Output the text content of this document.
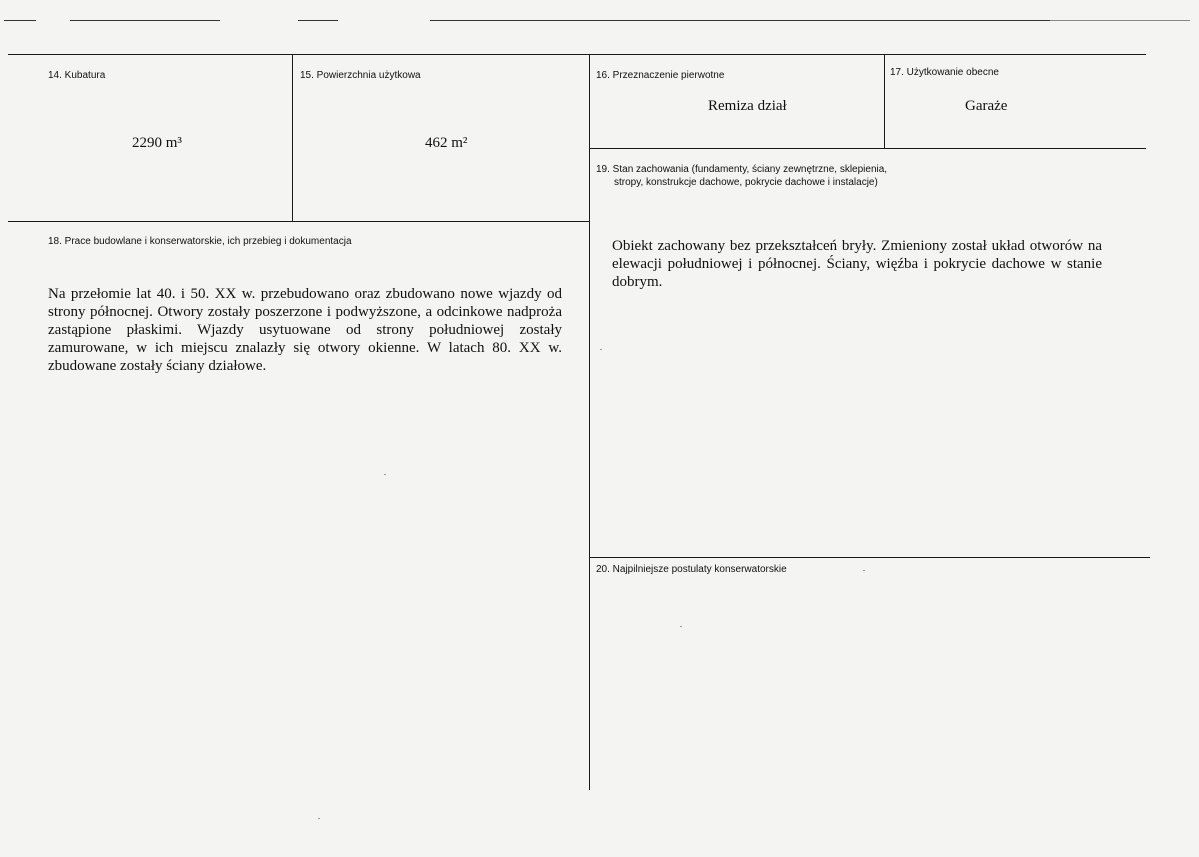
14. Kubatura
2290 m³
15. Powierzchnia użytkowa
462 m²
16. Przeznaczenie pierwotne
Remiza dział
17. Użytkowanie obecne
Garaże
18. Prace budowlane i konserwatorskie, ich przebieg i dokumentacja
Na przełomie lat 40. i 50. XX w. przebudowano oraz zbudowano nowe wjazdy od strony północnej. Otwory zostały poszerzone i podwyższone, a odcinkowe nadproża zastąpione płaskimi. Wjazdy usytuowane od strony południowej zostały zamurowane, w ich miejscu znalazły się otwory okienne. W latach 80. XX w. zbudowane zostały ściany działowe.
19. Stan zachowania (fundamenty, ściany zewnętrzne, sklepienia,
stropy, konstrukcje dachowe, pokrycie dachowe i instalacje)
Obiekt zachowany bez przekształceń bryły. Zmieniony został układ otworów na elewacji południowej i północnej. Ściany, więźba i pokrycie dachowe w stanie dobrym.
20. Najpilniejsze postulaty konserwatorskie
